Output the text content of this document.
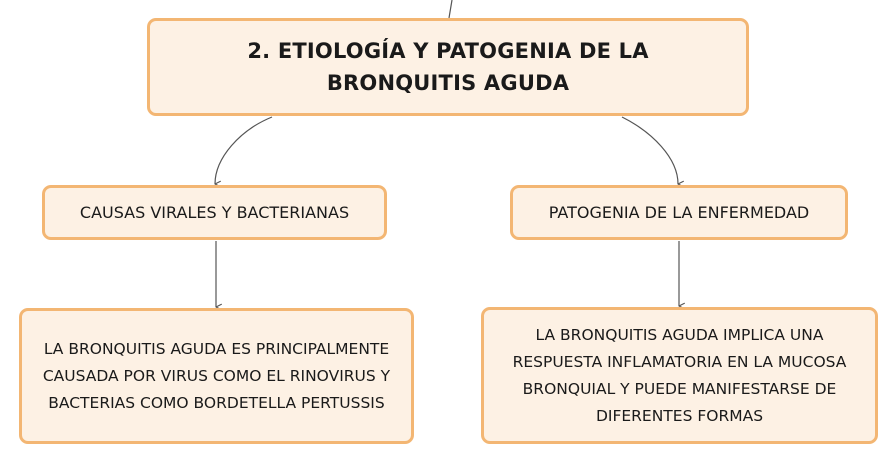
2. ETIOLOGÍA Y PATOGENIA DE LA BRONQUITIS AGUDA
CAUSAS VIRALES Y BACTERIANAS	PATOGENIA DE LA ENFERMEDAD
LA BRONQUITIS AGUDA ES PRINCIPALMENTE CAUSADA POR VIRUS COMO EL RINOVIRUS Y BACTERIAS COMO BORDETELLA PERTUSSIS
LA BRONQUITIS AGUDA IMPLICA UNA RESPUESTA INFLAMATORIA EN LA MUCOSA BRONQUIAL Y PUEDE MANIFESTARSE DE DIFERENTES FORMAS
